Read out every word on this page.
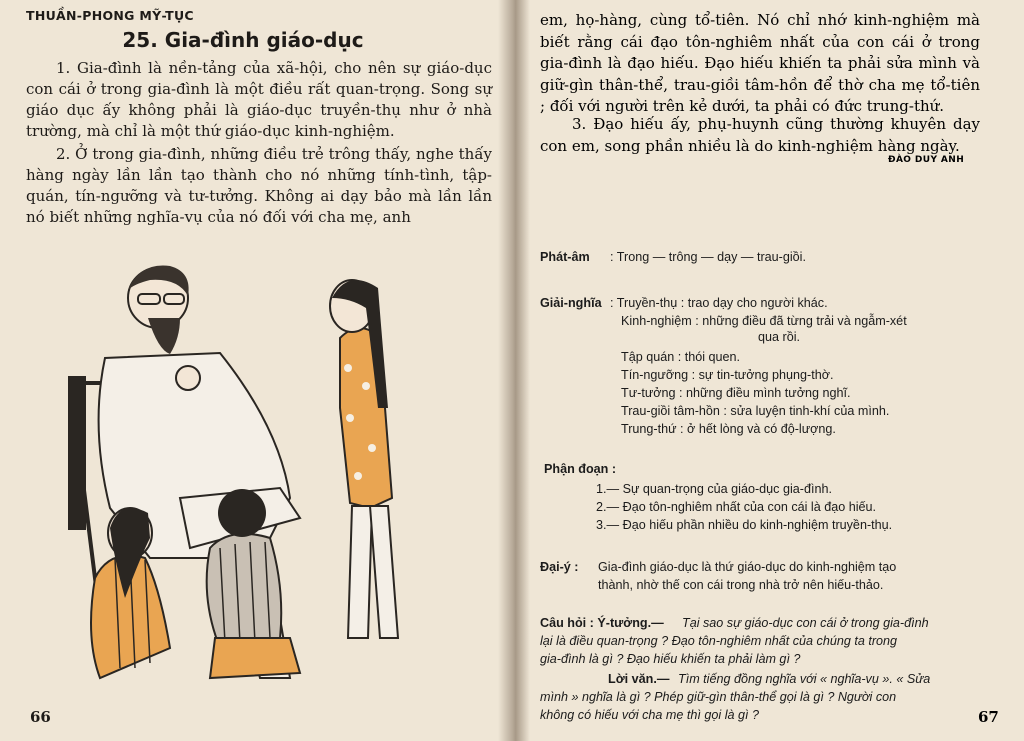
THUẦN-PHONG MỸ-TỤC
25. Gia-đình giáo-dục
1. Gia-đình là nền-tảng của xã-hội, cho nên sự giáo-dục con cái ở trong gia-đình là một điều rất quan-trọng. Song sự giáo dục ấy không phải là giáo-dục truyền-thụ như ở nhà trường, mà chỉ là một thứ giáo-dục kinh-nghiệm.
2. Ở trong gia-đình, những điều trẻ trông thấy, nghe thấy hàng ngày lần lần tạo thành cho nó những tính-tình, tập-quán, tín-ngưỡng và tư-tưởng. Không ai dạy bảo mà lần lần nó biết những nghĩa-vụ của nó đối với cha mẹ, anh
66
em, họ-hàng, cùng tổ-tiên. Nó chỉ nhớ kinh-nghiệm mà biết rằng cái đạo tôn-nghiêm nhất của con cái ở trong gia-đình là đạo hiếu. Đạo hiếu khiến ta phải sửa mình và giữ-gìn thân-thể, trau-giồi tâm-hồn để thờ cha mẹ tổ-tiên ; đối với người trên kẻ dưới, ta phải có đức trung-thứ.
3. Đạo hiếu ấy, phụ-huynh cũng thường khuyên dạy con em, song phần nhiều là do kinh-nghiệm hàng ngày.
ĐÀO DUY ANH
Phát-âm : Trong — trông — dạy — trau-giồi.
Giải-nghĩa : Truyền-thụ : trao dạy cho người khác.
Kinh-nghiệm : những điều đã từng trải và ngẫm-xét
qua rồi.
Tập quán : thói quen.
Tín-ngưỡng : sự tin-tưởng phụng-thờ.
Tư-tưởng : những điều mình tưởng nghĩ.
Trau-giồi tâm-hồn : sửa luyện tinh-khí của mình.
Trung-thứ : ở hết lòng và có độ-lượng.
Phận đoạn :
1.— Sự quan-trọng của giáo-dục gia-đình.
2.— Đạo tôn-nghiêm nhất của con cái là đạo hiếu.
3.— Đạo hiếu phần nhiều do kinh-nghiệm truyền-thụ.
Đại-ý : Gia-đình giáo-dục là thứ giáo-dục do kinh-nghiệm tạo
thành, nhờ thế con cái trong nhà trở nên hiếu-thảo.
Câu hỏi : Ý-tưởng.— Tại sao sự giáo-dục con cái ở trong gia-đình
lại là điều quan-trọng ? Đạo tôn-nghiêm nhất của chúng ta trong
gia-đình là gì ? Đạo hiếu khiến ta phải làm gì ?
Lời văn.— Tìm tiếng đồng nghĩa với « nghĩa-vụ ». « Sửa
mình » nghĩa là gì ? Phép giữ-gìn thân-thể gọi là gì ? Người con
không có hiếu với cha mẹ thì gọi là gì ?	67
